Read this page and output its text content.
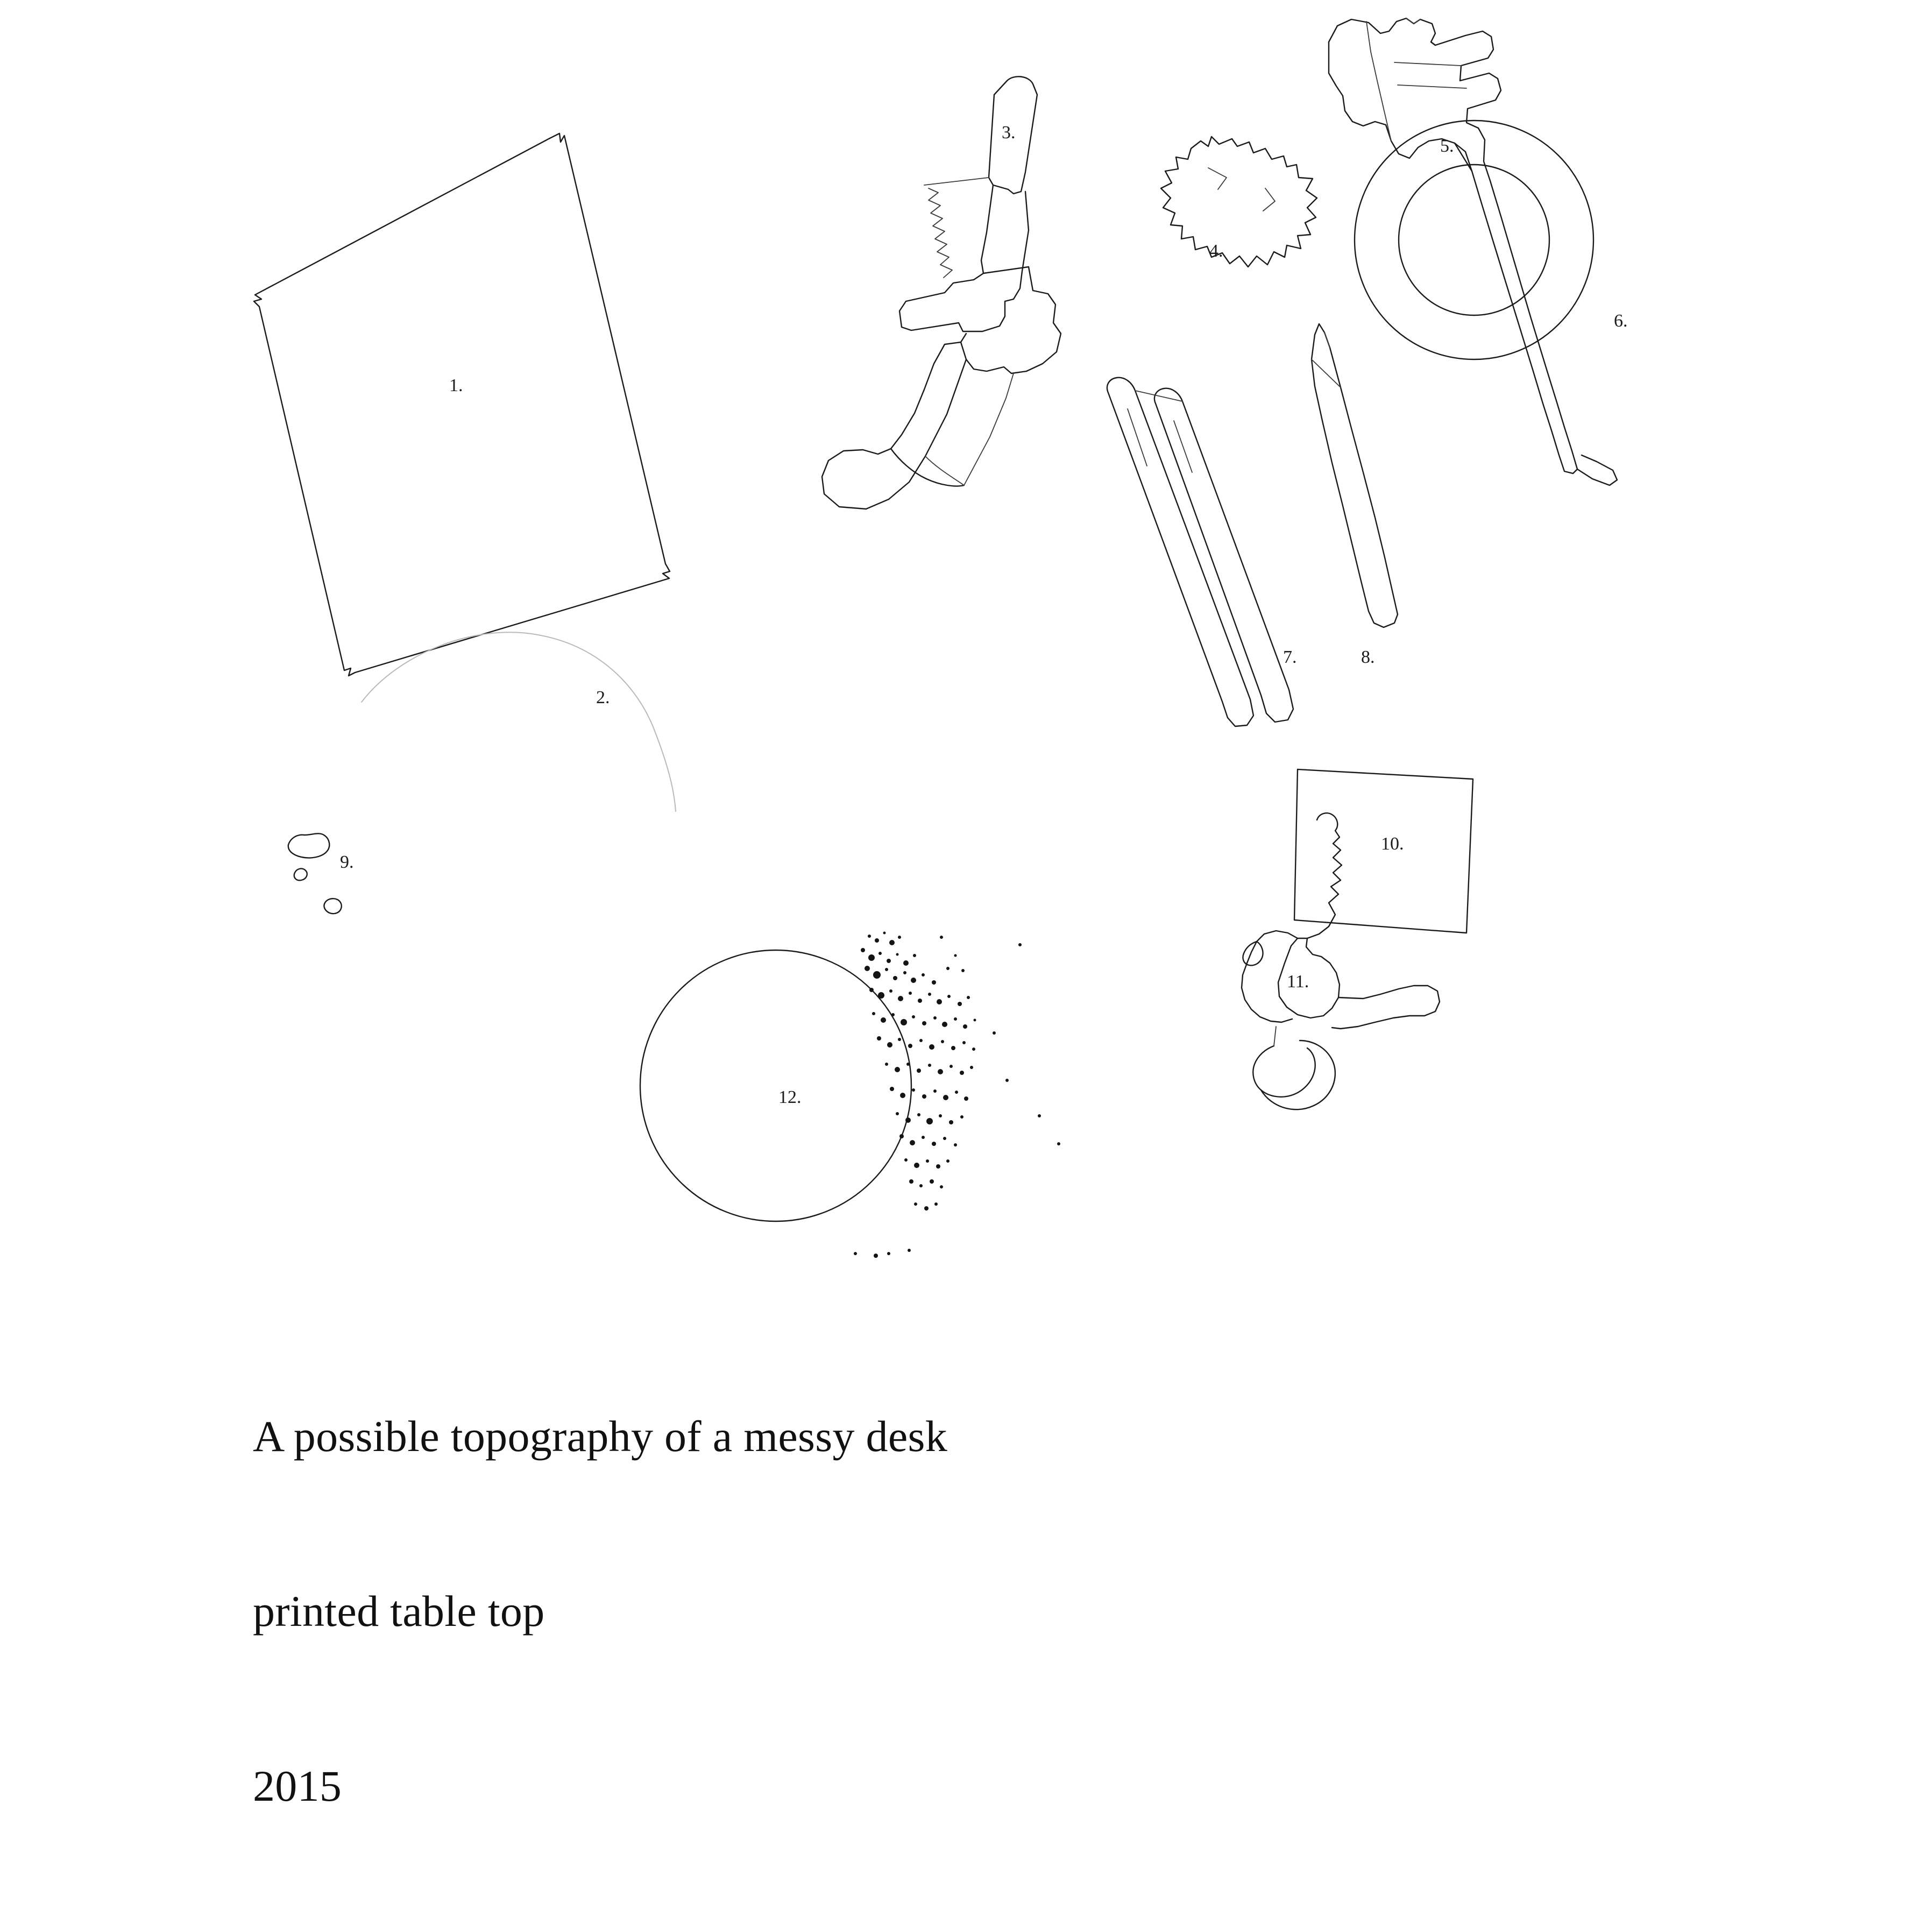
1.
2.
3.
4.
5.
6.
7.	8.
9.
10.
11.
12.

A possible topography of a messy desk

printed table top

2015
